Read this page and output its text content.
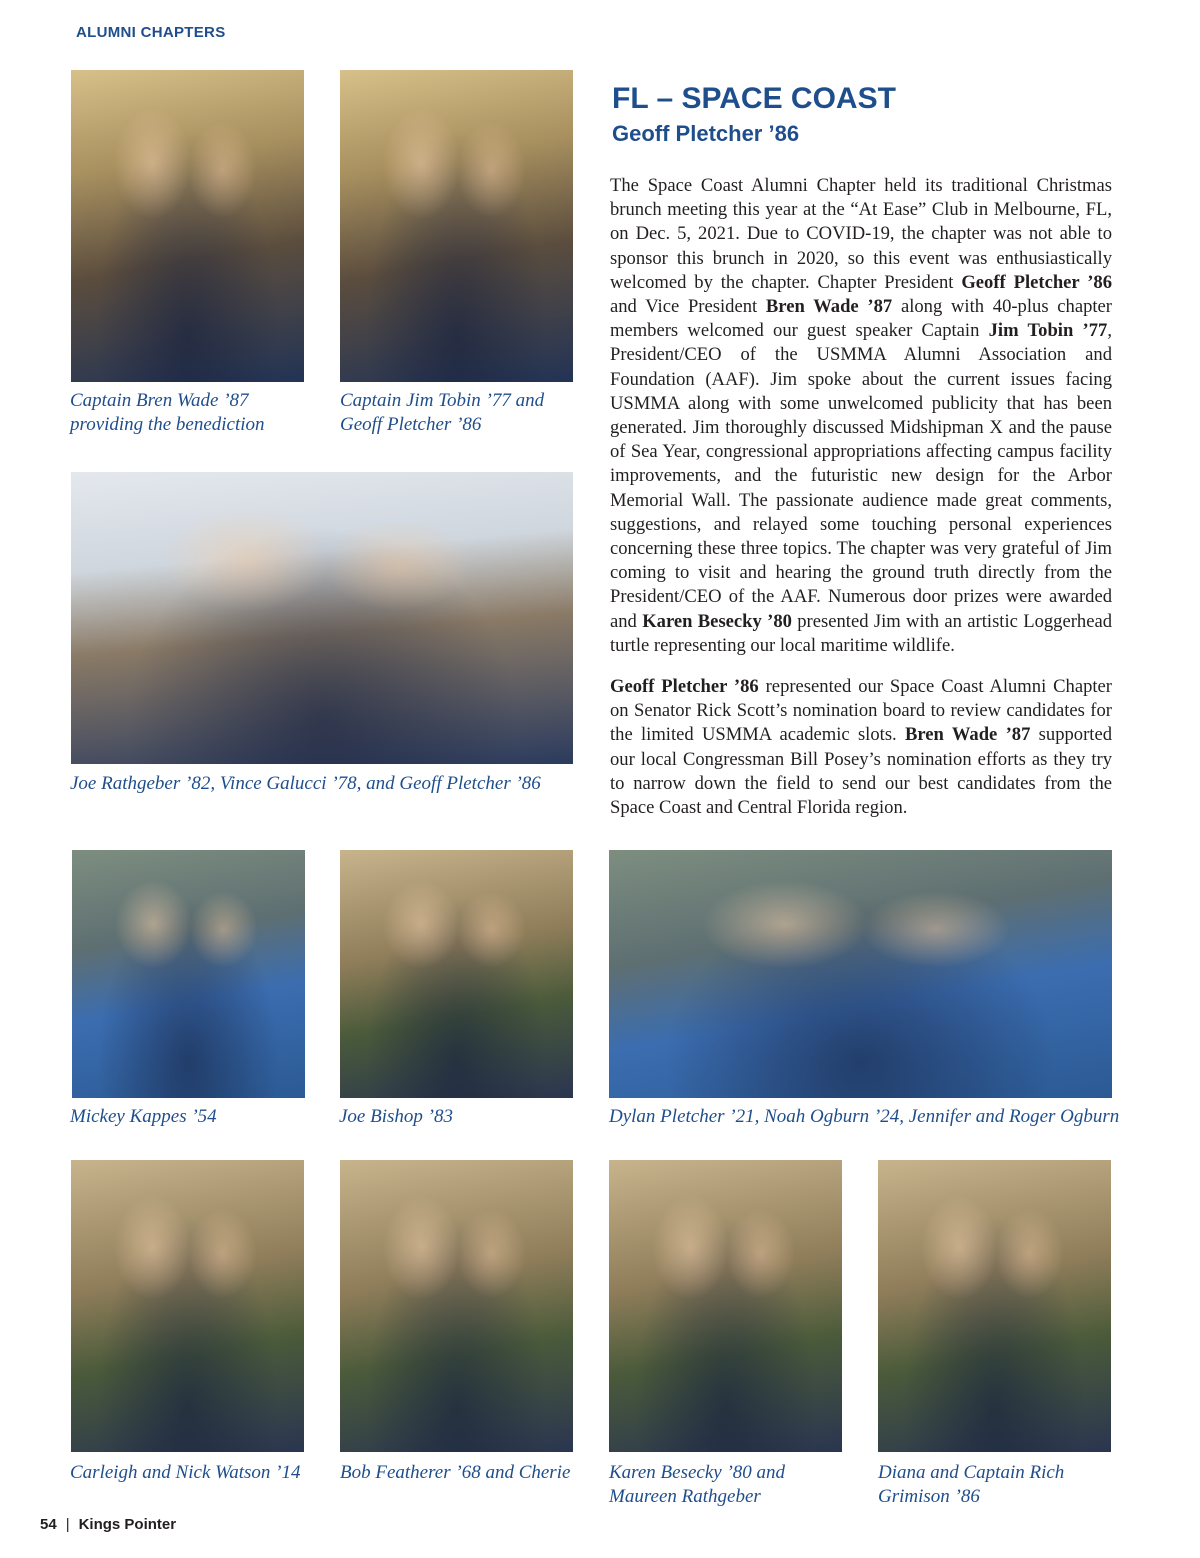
ALUMNI CHAPTERS

Captain Bren Wade ’87
providing the benediction

Captain Jim Tobin ’77 and
Geoff Pletcher ’86

Joe Rathgeber ’82, Vince Galucci ’78, and Geoff Pletcher ’86

FL – SPACE COAST
Geoff Pletcher ’86

The Space Coast Alumni Chapter held its traditional Christmas brunch meeting this year at the “At Ease” Club in Melbourne, FL, on Dec. 5, 2021. Due to COVID-19, the chapter was not able to sponsor this brunch in 2020, so this event was enthusiastically welcomed by the chapter. Chapter President Geoff Pletcher ’86 and Vice President Bren Wade ’87 along with 40-plus chapter members welcomed our guest speaker Captain Jim Tobin ’77, President/CEO of the USMMA Alumni Association and Foundation (AAF). Jim spoke about the current issues facing USMMA along with some unwelcomed publicity that has been generated. Jim thoroughly discussed Midshipman X and the pause of Sea Year, congressional appropriations affecting campus facility improvements, and the futuristic new design for the Arbor Memorial Wall. The passionate audience made great comments, suggestions, and relayed some touching personal experiences concerning these three topics. The chapter was very grateful of Jim coming to visit and hearing the ground truth directly from the President/CEO of the AAF. Numerous door prizes were awarded and Karen Besecky ’80 presented Jim with an artistic Loggerhead turtle representing our local maritime wildlife.

Geoff Pletcher ’86 represented our Space Coast Alumni Chapter on Senator Rick Scott’s nomination board to review candidates for the limited USMMA academic slots. Bren Wade ’87 supported our local Congressman Bill Posey’s nomination efforts as they try to narrow down the field to send our best candidates from the Space Coast and Central Florida region.

Mickey Kappes ’54	Joe Bishop ’83	Dylan Pletcher ’21, Noah Ogburn ’24, Jennifer and Roger Ogburn

Carleigh and Nick Watson ’14 Bob Featherer ’68 and Cherie Karen Besecky ’80 and
Maureen Rathgeber

Diana and Captain Rich
Grimison ’86

54 | Kings Pointer
